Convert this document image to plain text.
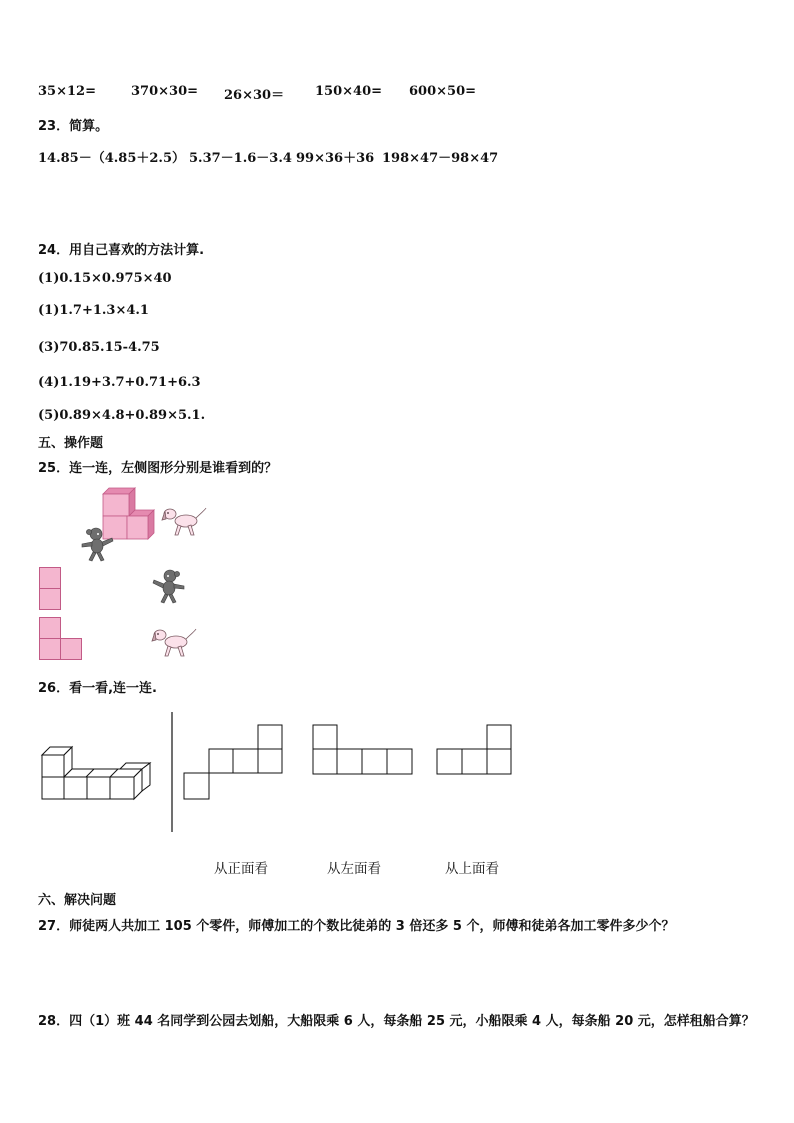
35×12=	370×30= 26×30＝ 150×40= 600×50=
23．简算。
14.85－（4.85＋2.5） 5.37－1.6－3.4 99×36＋36 198×47－98×47
24．用自己喜欢的方法计算.
(1)0.15×0.975×40
(1)1.7+1.3×4.1
(3)70.85.15-4.75
(4)1.19+3.7+0.71+6.3
(5)0.89×4.8+0.89×5.1.
五、操作题
25．连一连，左侧图形分别是谁看到的？
26．看一看,连一连.
从正面看	从左面看	从上面看
六、解决问题
27．师徒两人共加工 105 个零件，师傅加工的个数比徒弟的 3 倍还多 5 个，师傅和徒弟各加工零件多少个？
28．四（1）班 44 名同学到公园去划船，大船限乘 6 人，每条船 25 元，小船限乘 4 人，每条船 20 元，怎样租船合算？
